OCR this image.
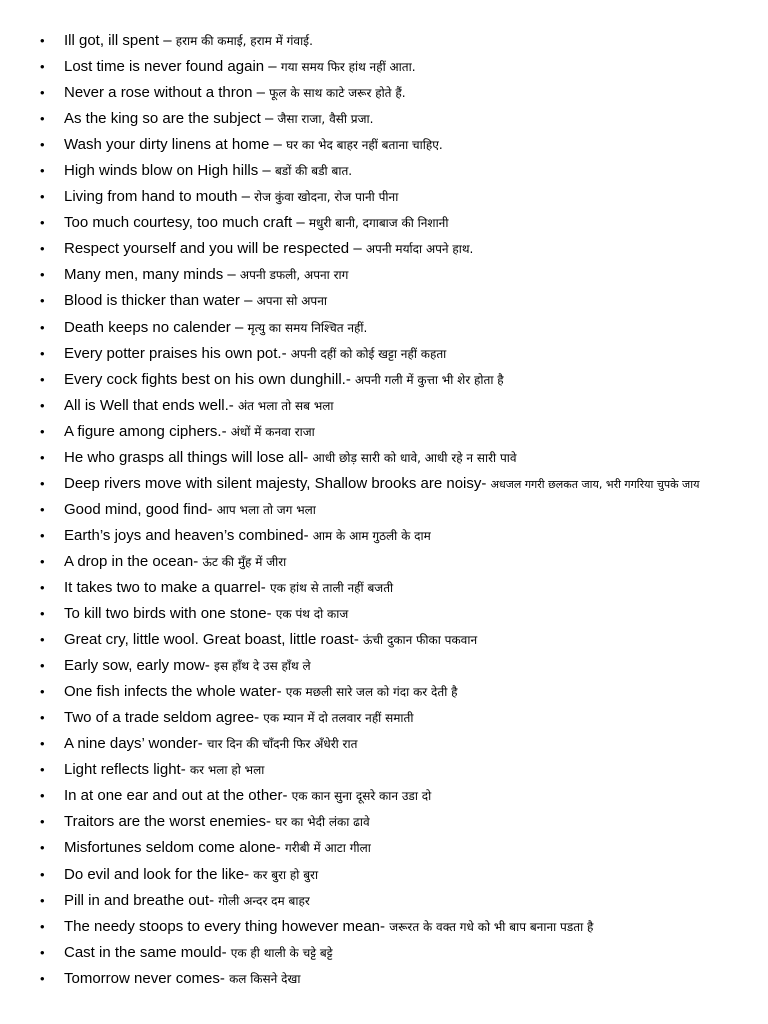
• Ill got, ill spent – हराम की कमाई, हराम में गंवाई.
• Lost time is never found again – गया समय फिर हांथ नहीं आता.
• Never a rose without a thron – फूल के साथ काटे जरूर होते हैं.
• As the king so are the subject – जैसा राजा, वैसी प्रजा.
• Wash your dirty linens at home – घर का भेद बाहर नहीं बताना चाहिए.
• High winds blow on High hills – बडों की बडी बात.
• Living from hand to mouth – रोज कुंवा खोदना, रोज पानी पीना
• Too much courtesy, too much craft – मधुरी बानी, दगाबाज की निशानी
• Respect yourself and you will be respected – अपनी मर्यादा अपने हाथ.
• Many men, many minds – अपनी डफली, अपना राग
• Blood is thicker than water – अपना सो अपना
• Death keeps no calender – मृत्यु का समय निश्चित नहीं.
• Every potter praises his own pot.- अपनी दहीं को कोई खट्टा नहीं कहता
• Every cock fights best on his own dunghill.- अपनी गली में कुत्ता भी शेर होता है
• All is Well that ends well.- अंत भला तो सब भला
• A figure among ciphers.- अंधों में कनवा राजा
• He who grasps all things will lose all- आधी छोड़ सारी को धावे, आधी रहे न सारी पावे
• Deep rivers move with silent majesty, Shallow brooks are noisy- अधजल गगरी छलकत जाय, भरी गगरिया चुपके जाय
• Good mind, good find- आप भला तो जग भला
• Earth’s joys and heaven’s combined- आम के आम गुठली के दाम
• A drop in the ocean- ऊंट की मुँह में जीरा
• It takes two to make a quarrel- एक हांथ से ताली नहीं बजती
• To kill two birds with one stone- एक पंथ दो काज
• Great cry, little wool. Great boast, little roast- ऊंची दुकान फीका पकवान
• Early sow, early mow- इस हाँथ दे उस हाँथ ले
• One fish infects the whole water- एक मछली सारे जल को गंदा कर देती है
• Two of a trade seldom agree- एक म्यान में दो तलवार नहीं समाती
• A nine days’ wonder- चार दिन की चाँदनी फिर अँधेरी रात
• Light reflects light- कर भला हो भला
• In at one ear and out at the other- एक कान सुना दूसरे कान उडा दो
• Traitors are the worst enemies- घर का भेदी लंका ढावे
• Misfortunes seldom come alone- गरीबी में आटा गीला
• Do evil and look for the like- कर बुरा हो बुरा
• Pill in and breathe out- गोली अन्दर दम बाहर
• The needy stoops to every thing however mean- जरूरत के वक्त गधे को भी बाप बनाना पडता है
• Cast in the same mould- एक ही थाली के चट्टे बट्टे
• Tomorrow never comes- कल किसने देखा
